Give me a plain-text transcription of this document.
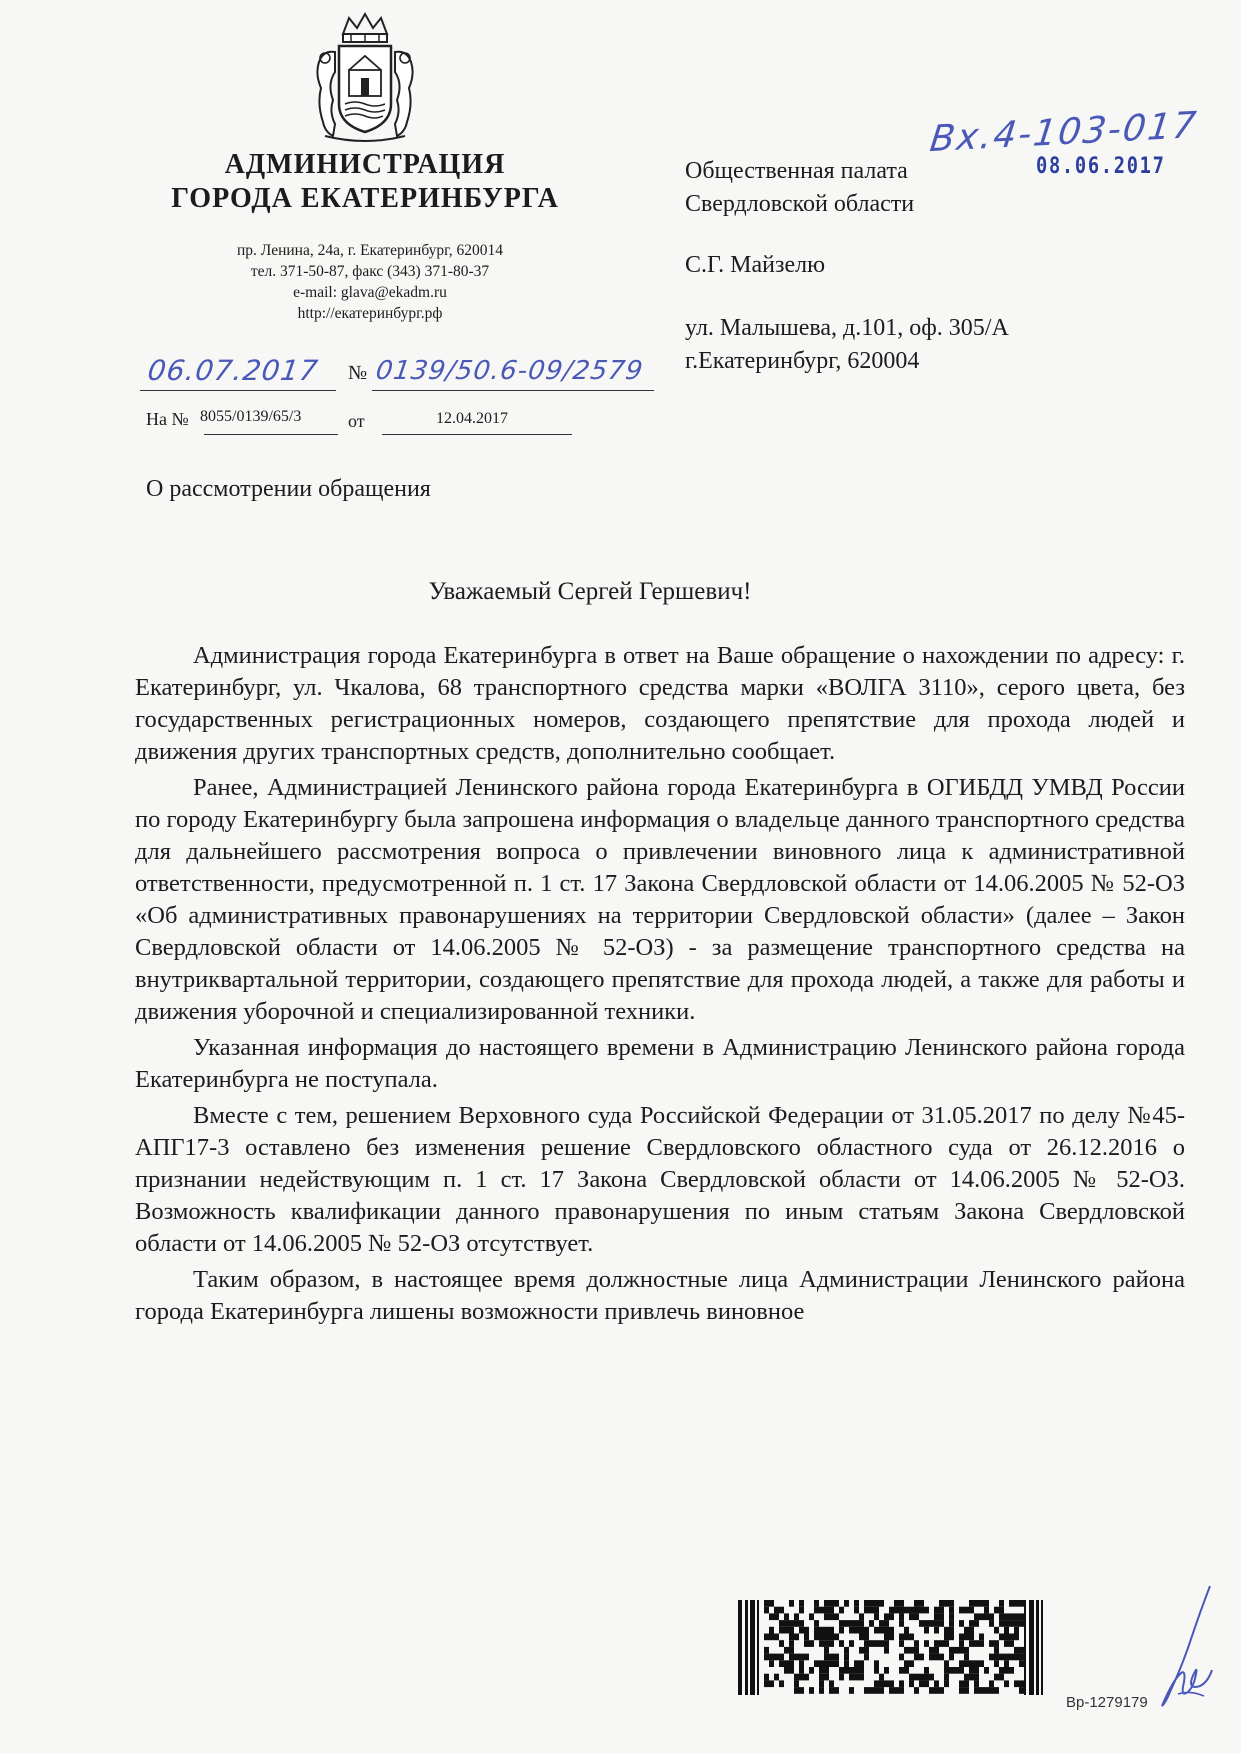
АДМИНИСТРАЦИЯ

ГОРОДА ЕКАТЕРИНБУРГА

пр. Ленина, 24а, г. Екатеринбург, 620014
тел. 371-50-87, факс (343) 371-80-37
e-mail: glava@ekadm.ru
http://екатеринбург.рф
06.07.2017 № 0139/50.6-09/2579
На № 8055/0139/65/3	от	12.04.2017

Общественная палата

Свердловской области

С.Г. Майзелю

ул. Малышева, д.101, оф. 305/А

г.Екатеринбург, 620004

Вх.4-103-017
08.06.2017
О рассмотрении обращения
Уважаемый Сергей Гершевич!

Администрация города Екатеринбурга в ответ на Ваше обращение о нахождении по адресу: г. Екатеринбург, ул. Чкалова, 68 транспортного средства марки «ВОЛГА 3110», серого цвета, без государственных регистрационных номеров, создающего препятствие для прохода людей и движения других транспортных средств, дополнительно сообщает.

Ранее, Администрацией Ленинского района города Екатеринбурга в ОГИБДД УМВД России по городу Екатеринбургу была запрошена информация о владельце данного транспортного средства для дальнейшего рассмотрения вопроса о привлечении виновного лица к административной ответственности, предусмотренной п. 1 ст. 17 Закона Свердловской области от 14.06.2005 № 52-ОЗ «Об административных правонарушениях на территории Свердловской области» (далее – Закон Свердловской области от 14.06.2005 № 52-ОЗ) - за размещение транспортного средства на внутриквартальной территории, создающего препятствие для прохода людей, а также для работы и движения уборочной и специализированной техники.

Указанная информация до настоящего времени в Администрацию Ленинского района города Екатеринбурга не поступала.

Вместе с тем, решением Верховного суда Российской Федерации от 31.05.2017 по делу №45-АПГ17-3 оставлено без изменения решение Свердловского областного суда от 26.12.2016 о признании недействующим п. 1 ст. 17 Закона Свердловской области от 14.06.2005 № 52-ОЗ. Возможность квалификации данного правонарушения по иным статьям Закона Свердловской области от 14.06.2005 № 52-ОЗ отсутствует.

Таким образом, в настоящее время должностные лица Администрации Ленинского района города Екатеринбурга лишены возможности привлечь виновное

Вр-1279179
